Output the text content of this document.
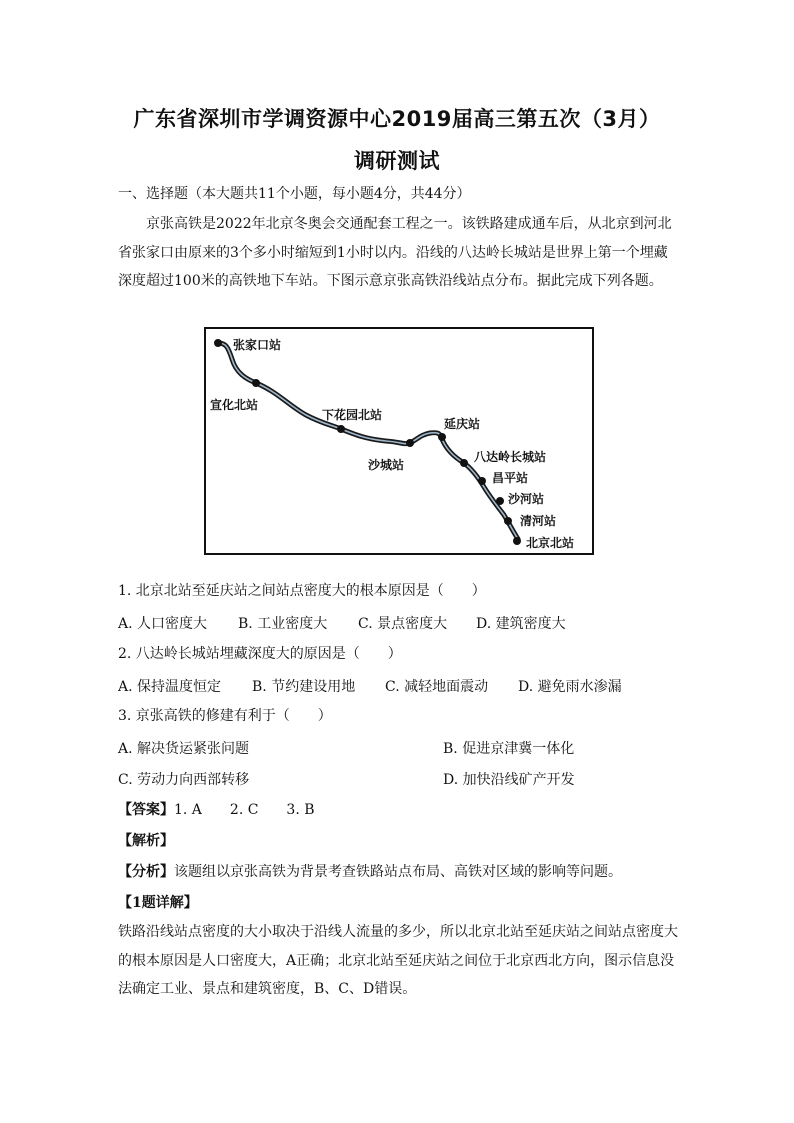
广东省深圳市学调资源中心2019届高三第五次（3月）
调研测试
一、选择题（本大题共11个小题，每小题4分，共44分）
京张高铁是2022年北京冬奥会交通配套工程之一。该铁路建成通车后，从北京到河北
省张家口由原来的3个多小时缩短到1小时以内。沿线的八达岭长城站是世界上第一个埋藏
深度超过100米的高铁地下车站。下图示意京张高铁沿线站点分布。据此完成下列各题。
张家口站
宣化北站
下花园北站
沙城站
延庆站
八达岭长城站
昌平站
沙河站
清河站
北京北站
1. 北京北站至延庆站之间站点密度大的根本原因是（　　）
A. 人口密度大 B. 工业密度大 C. 景点密度大 D. 建筑密度大
2. 八达岭长城站埋藏深度大的原因是（　　）
A. 保持温度恒定 B. 节约建设用地 C. 减轻地面震动 D. 避免雨水渗漏
3. 京张高铁的修建有利于（　　）
A. 解决货运紧张问题	B. 促进京津冀一体化
C. 劳动力向西部转移	D. 加快沿线矿产开发
【答案】1. A　　2. C　　3. B
【解析】
【分析】该题组以京张高铁为背景考查铁路站点布局、高铁对区域的影响等问题。
【1题详解】
铁路沿线站点密度的大小取决于沿线人流量的多少，所以北京北站至延庆站之间站点密度大
的根本原因是人口密度大，A正确；北京北站至延庆站之间位于北京西北方向，图示信息没
法确定工业、景点和建筑密度，B、C、D错误。
